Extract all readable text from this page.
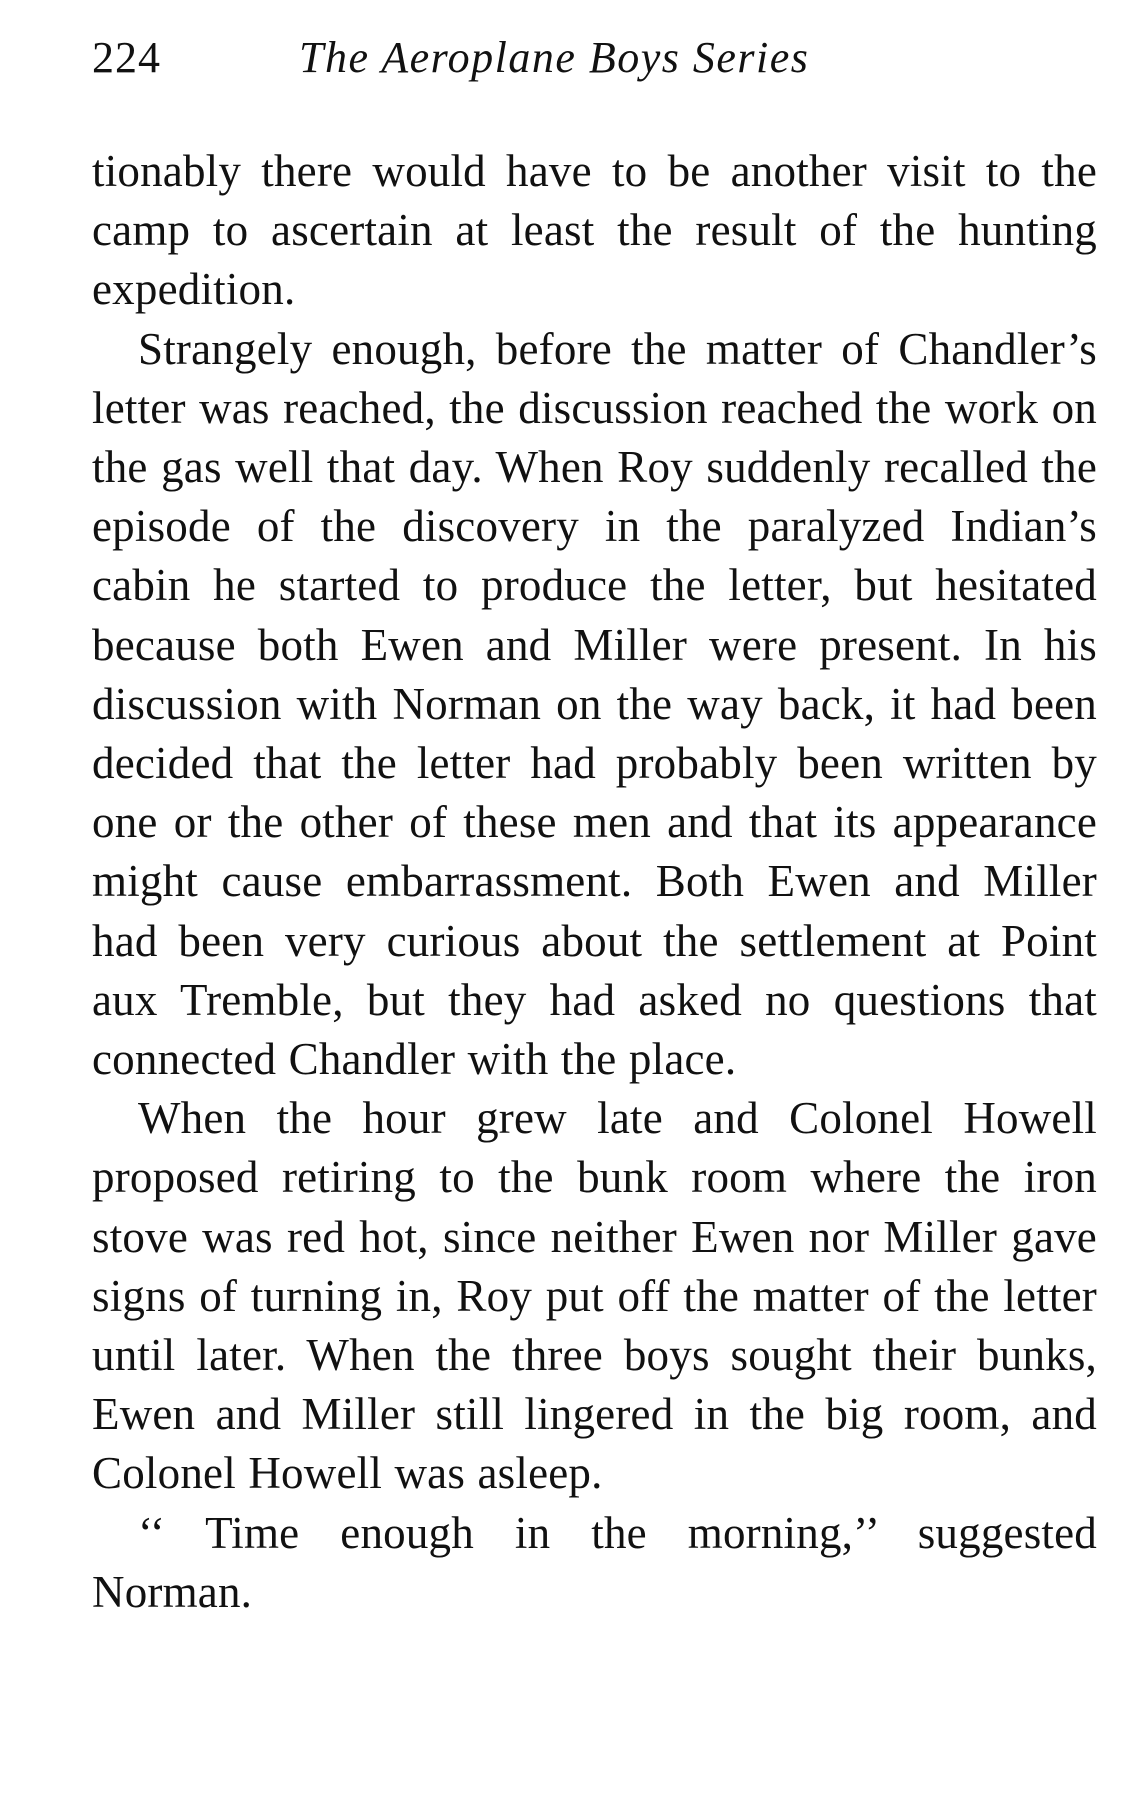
224	The Aeroplane Boys Series

tionably there would have to be another visit to the camp to ascertain at least the result of the hunting expedition.

Strangely enough, before the matter of Chandler’s letter was reached, the discussion reached the work on the gas well that day. When Roy suddenly recalled the episode of the discovery in the paralyzed Indian’s cabin he started to produce the letter, but hesitated because both Ewen and Miller were present. In his discussion with Norman on the way back, it had been decided that the letter had probably been written by one or the other of these men and that its appearance might cause embarrassment. Both Ewen and Miller had been very curious about the settlement at Point aux Tremble, but they had asked no questions that connected Chandler with the place.

When the hour grew late and Colonel Howell proposed retiring to the bunk room where the iron stove was red hot, since neither Ewen nor Miller gave signs of turning in, Roy put off the matter of the letter until later. When the three boys sought their bunks, Ewen and Miller still lingered in the big room, and Colonel Howell was asleep.

‘‘ Time enough in the morning,’’ suggested Norman.
